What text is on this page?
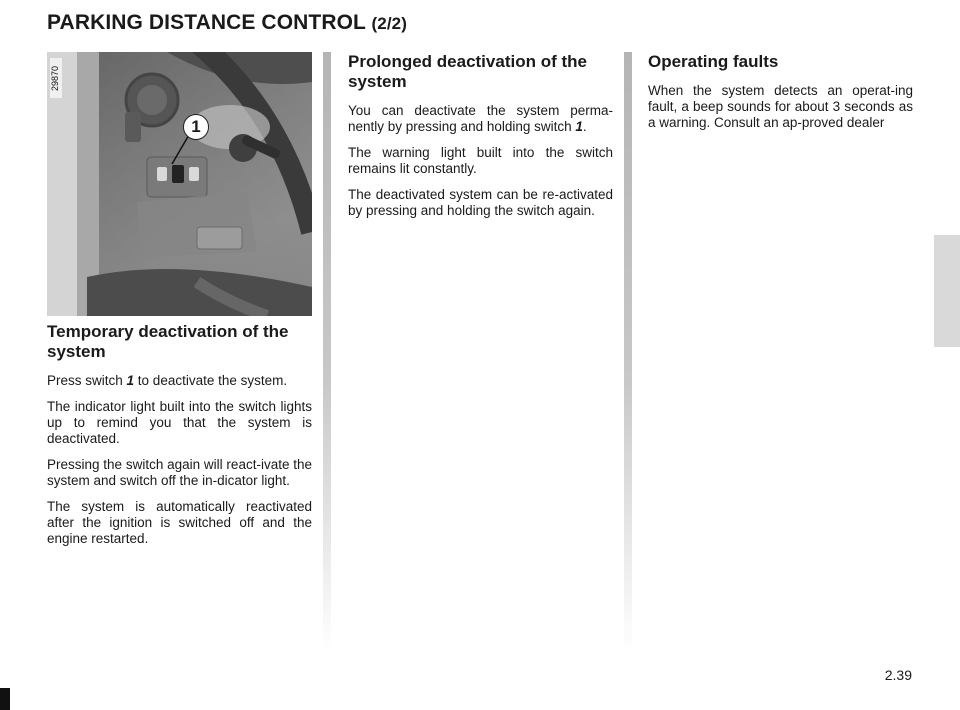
PARKING DISTANCE CONTROL (2/2)
29870
1
Temporary deactivation of the system

Press switch 1 to deactivate the system.

The indicator light built into the switch lights up to remind you that the system is deactivated.

Pressing the switch again will react-ivate the system and switch off the in-dicator light.

The system is automatically reactivated after the ignition is switched off and the engine restarted.

Prolonged deactivation of the system

You can deactivate the system perma-nently by pressing and holding switch 1.

The warning light built into the switch remains lit constantly.

The deactivated system can be re-activated by pressing and holding the switch again.

Operating faults

When the system detects an operat-ing fault, a beep sounds for about 3 seconds as a warning. Consult an ap-proved dealer

2.39
